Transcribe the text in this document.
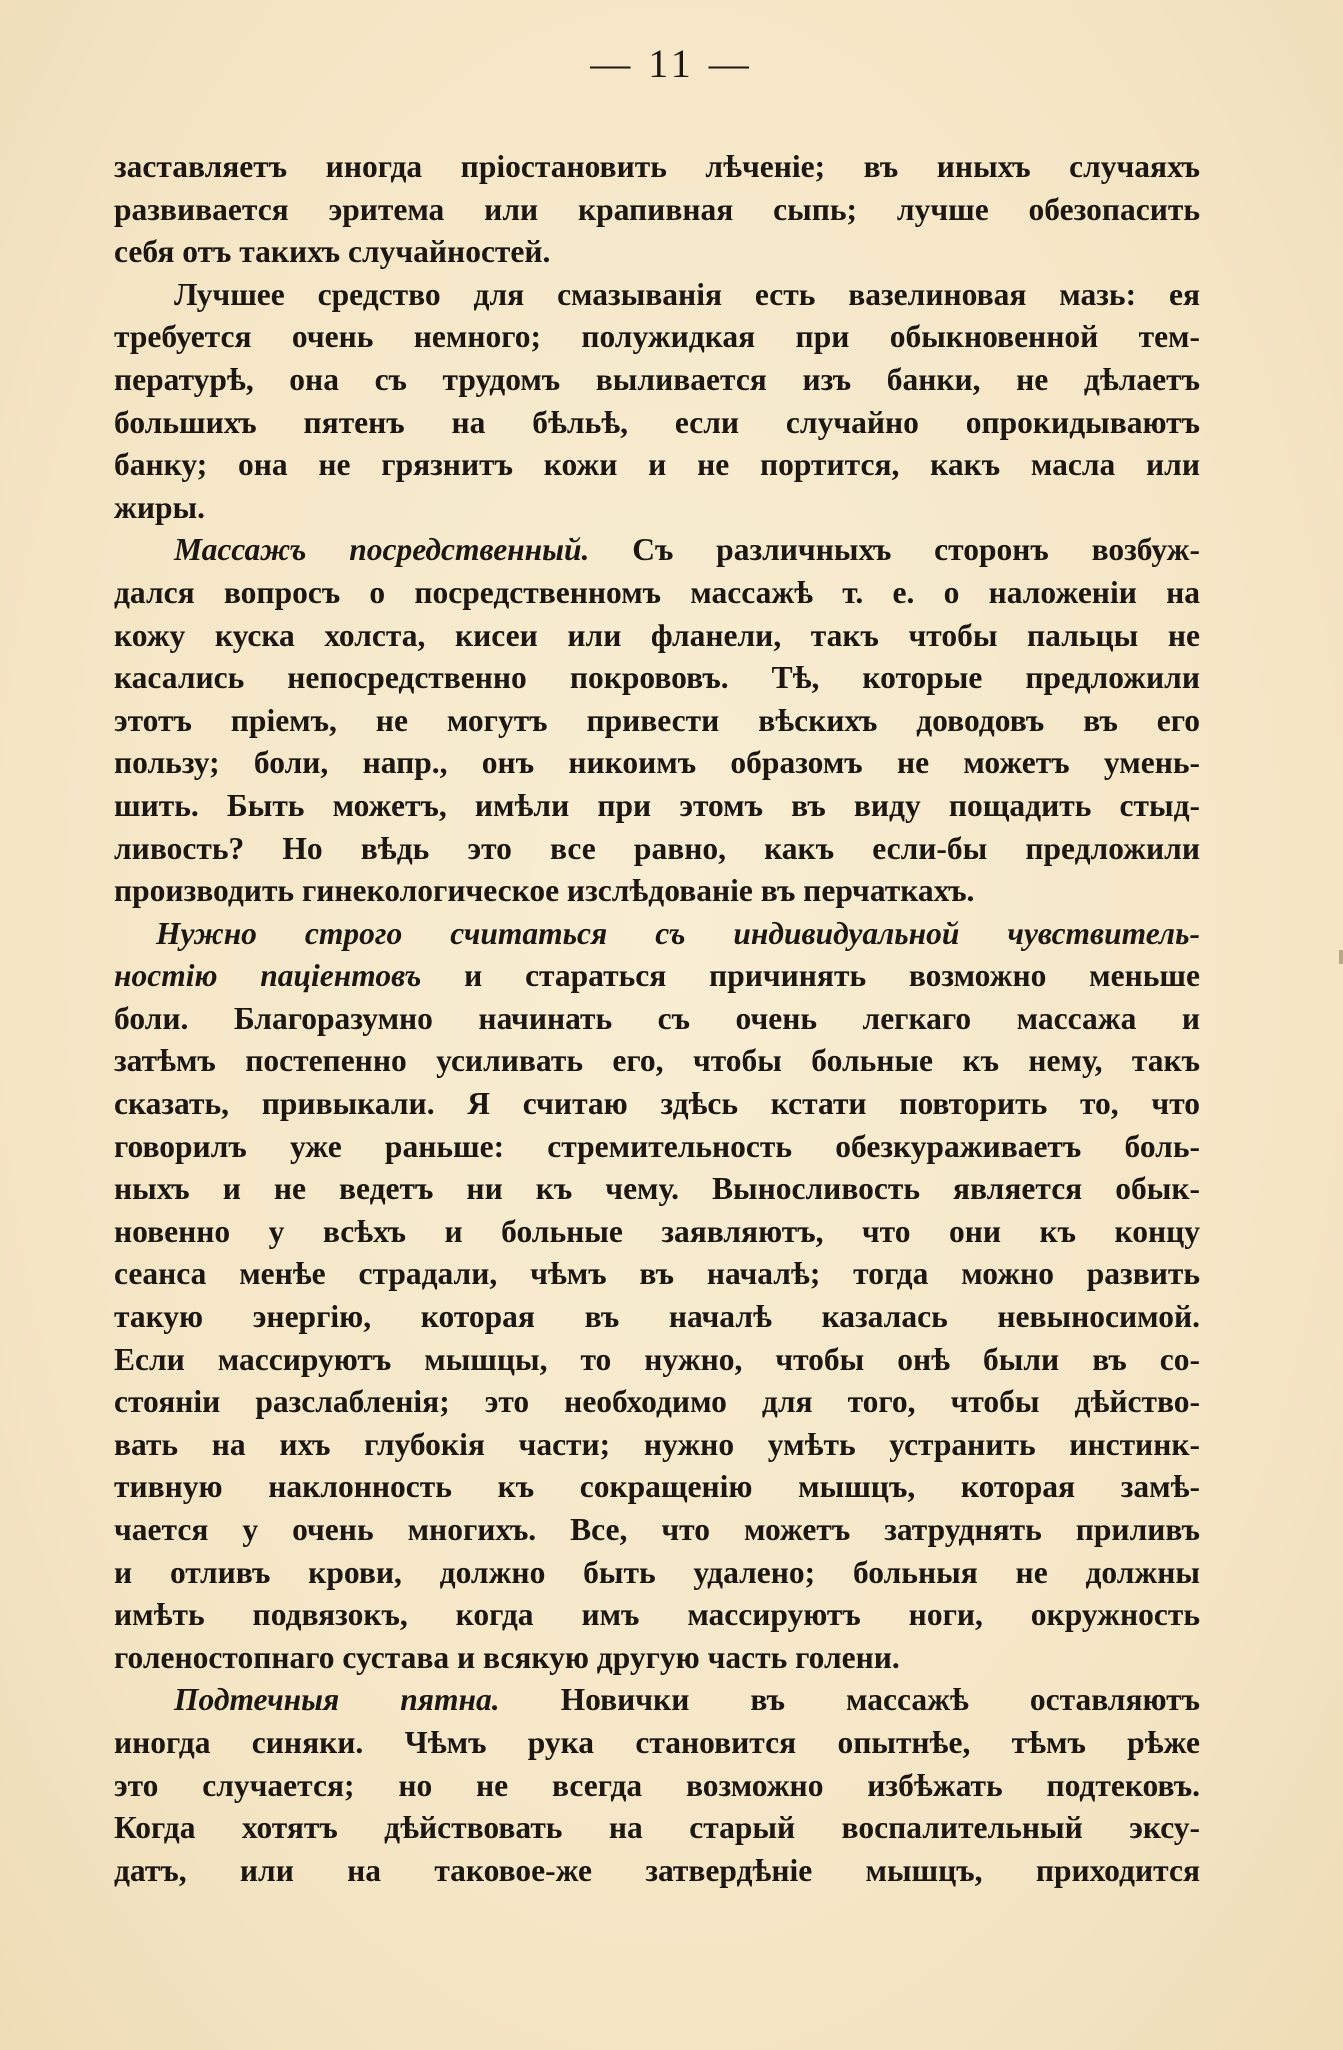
— 11 —
заставляетъ иногда пріостановить лѣченіе; въ иныхъ случаяхъ
развивается эритема или крапивная сыпь; лучше обезопасить
себя отъ такихъ случайностей.
Лучшее средство для смазыванія есть вазелиновая мазь: ея
требуется очень немного; полужидкая при обыкновенной тем-
пературѣ, она съ трудомъ выливается изъ банки, не дѣлаетъ
большихъ пятенъ на бѣльѣ, если случайно опрокидываютъ
банку; она не грязнитъ кожи и не портится, какъ масла или
жиры.
Массажъ посредственный. Съ различныхъ сторонъ возбуж-
дался вопросъ о посредственномъ массажѣ т. е. о наложеніи на
кожу куска холста, кисеи или фланели, такъ чтобы пальцы не
касались непосредственно покрововъ. Тѣ, которые предложили
этотъ пріемъ, не могутъ привести вѣскихъ доводовъ въ его
пользу; боли, напр., онъ никоимъ образомъ не можетъ умень-
шить. Быть можетъ, имѣли при этомъ въ виду пощадить стыд-
ливость? Но вѣдь это все равно, какъ если-бы предложили
производить гинекологическое изслѣдованіе въ перчаткахъ.
Нужно строго считаться съ индивидуальной чувствитель-
ностію паціентовъ и стараться причинять возможно меньше
боли. Благоразумно начинать съ очень легкаго массажа и
затѣмъ постепенно усиливать его, чтобы больные къ нему, такъ
сказать, привыкали. Я считаю здѣсь кстати повторить то, что
говорилъ уже раньше: стремительность обезкураживаетъ боль-
ныхъ и не ведетъ ни къ чему. Выносливость является обык-
новенно у всѣхъ и больные заявляютъ, что они къ концу
сеанса менѣе страдали, чѣмъ въ началѣ; тогда можно развить
такую энергію, которая въ началѣ казалась невыносимой.
Если массируютъ мышцы, то нужно, чтобы онѣ были въ со-
стояніи разслабленія; это необходимо для того, чтобы дѣйство-
вать на ихъ глубокія части; нужно умѣть устранить инстинк-
тивную наклонность къ сокращенію мышцъ, которая замѣ-
чается у очень многихъ. Все, что можетъ затруднять приливъ
и отливъ крови, должно быть удалено; больныя не должны
имѣть подвязокъ, когда имъ массируютъ ноги, окружность
голеностопнаго сустава и всякую другую часть голени.
Подтечныя пятна. Новички въ массажѣ оставляютъ
иногда синяки. Чѣмъ рука становится опытнѣе, тѣмъ рѣже
это случается; но не всегда возможно избѣжать подтековъ.
Когда хотятъ дѣйствовать на старый воспалительный эксу-
датъ, или на таковое-же затвердѣніе мышцъ, приходится
